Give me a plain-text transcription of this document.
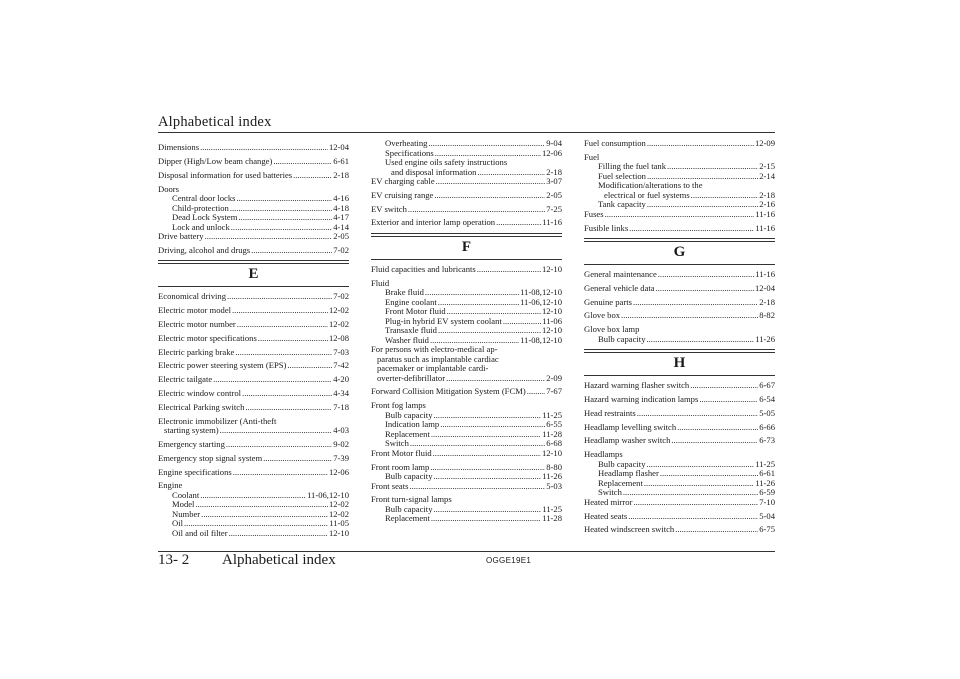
Alphabetical index
Dimensions .....	12-04
Dipper (High/Low beam change) .....	6-61
Disposal information for used batteries .....	2-18
Doors
Central door locks .....	4-16
Child-protection .....	4-18
Dead Lock System .....	4-17
Lock and unlock .....	4-14
Drive battery .....	2-05
Driving, alcohol and drugs .....	7-02
E
Economical driving .....	7-02
Electric motor model .....	12-02
Electric motor number .....	12-02
Electric motor specifications .....	12-08
Electric parking brake .....	7-03
Electric power steering system (EPS) .....	7-42
Electric tailgate .....	4-20
Electric window control .....	4-34
Electrical Parking switch .....	7-18
Electronic immobilizer (Anti-theft
starting system) .....	4-03
Emergency starting .....	9-02
Emergency stop signal system .....	7-39
Engine specifications .....	12-06
Engine
Coolant .....	11-06,12-10
Model .....	12-02
Number .....	12-02
Oil .....	11-05
Oil and oil filter .....	12-10
Overheating .....	9-04
Specifications .....	12-06
Used engine oils safety instructions
and disposal information .....	2-18
EV charging cable .....	3-07
EV cruising range .....	2-05
EV switch .....	7-25
Exterior and interior lamp operation .....	11-16
F
Fluid capacities and lubricants .....	12-10
Fluid
Brake fluid .....	11-08,12-10
Engine coolant .....	11-06,12-10
Front Motor fluid .....	12-10
Plug-in hybrid EV system coolant .....	11-06
Transaxle fluid .....	12-10
Washer fluid .....	11-08,12-10
For persons with electro-medical ap-
paratus such as implantable cardiac
pacemaker or implantable cardi-
overter-defibrillator .....	2-09
Forward Collision Mitigation System (FCM) ..... 7-67
Front fog lamps
Bulb capacity .....	11-25
Indication lamp .....	6-55
Replacement .....	11-28
Switch .....	6-68
Front Motor fluid .....	12-10
Front room lamp .....	8-80
Bulb capacity .....	11-26
Front seats .....	5-03
Front turn-signal lamps
Bulb capacity .....	11-25
Replacement .....	11-28
Fuel consumption .....	12-09
Fuel
Filling the fuel tank .....	2-15
Fuel selection .....	2-14
Modification/alterations to the
electrical or fuel systems .....	2-18
Tank capacity .....	2-16
Fuses .....	11-16
Fusible links .....	11-16
G
General maintenance .....	11-16
General vehicle data .....	12-04
Genuine parts .....	2-18
Glove box .....	8-82
Glove box lamp
Bulb capacity .....	11-26
H
Hazard warning flasher switch .....	6-67
Hazard warning indication lamps .....	6-54
Head restraints .....	5-05
Headlamp levelling switch .....	6-66
Headlamp washer switch .....	6-73
Headlamps
Bulb capacity .....	11-25
Headlamp flasher .....	6-61
Replacement .....	11-26
Switch .....	6-59
Heated mirror .....	7-10
Heated seats .....	5-04
Heated windscreen switch .....	6-75
13- 2 Alphabetical index	OGGE19E1
